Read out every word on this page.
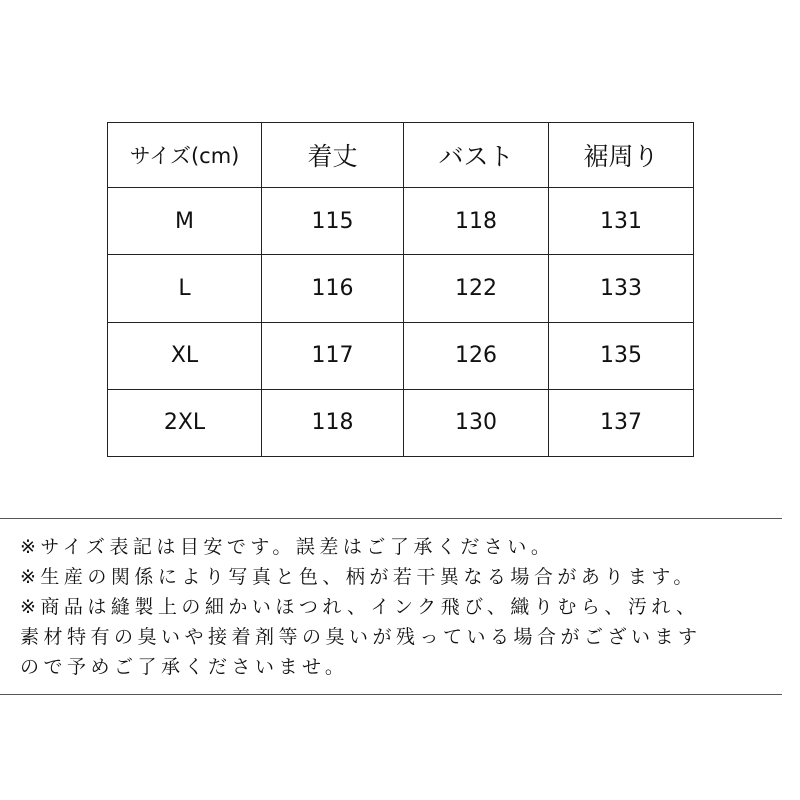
サイズ(cm)	着丈	バスト	裾周り
M	115	118	131
L	116	122	133
XL	117	126	135
2XL	118	130	137
※サイズ表記は目安です。誤差はご了承ください。
※生産の関係により写真と色、柄が若干異なる場合があります。
※商品は縫製上の細かいほつれ、インク飛び、織りむら、汚れ、
素材特有の臭いや接着剤等の臭いが残っている場合がございます
ので予めご了承くださいませ。
